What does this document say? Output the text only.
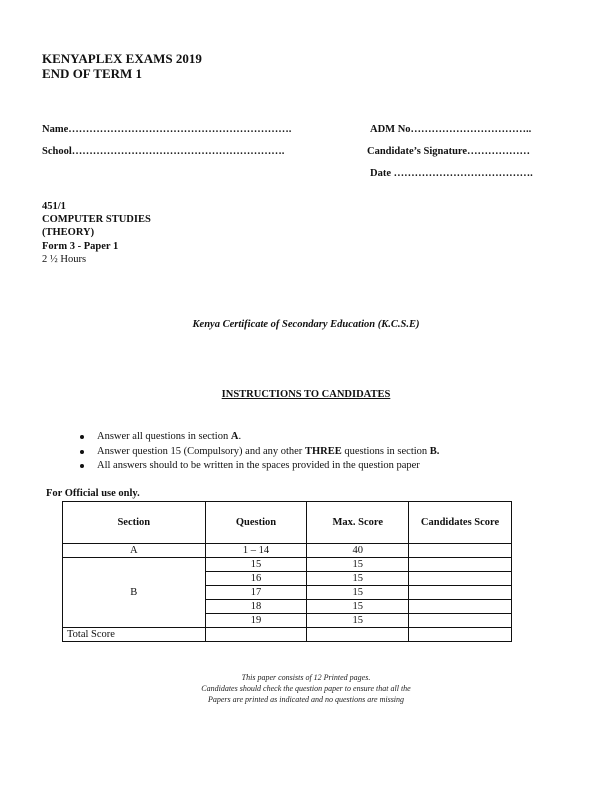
KENYAPLEX EXAMS 2019
END OF TERM 1
Name……………………………………………………….	ADM No……………………………..
School…………………………………………………….	Candidate’s Signature………………
Date ………………………………….
451/1
COMPUTER STUDIES
(THEORY)
Form 3 - Paper 1
2 ½ Hours
Kenya Certificate of Secondary Education (K.C.S.E)
INSTRUCTIONS TO CANDIDATES
Answer all questions in section A.
Answer question 15 (Compulsory) and any other THREE questions in section B.
All answers should to be written in the spaces provided in the question paper
For Official use only.
Section	Question	Max. Score	Candidates Score
A	1 – 14	40	
B	15	15	
	16	15	
	17	15	
	18	15	
	19	15	
Total Score			
This paper consists of 12 Printed pages.
Candidates should check the question paper to ensure that all the
Papers are printed as indicated and no questions are missing
